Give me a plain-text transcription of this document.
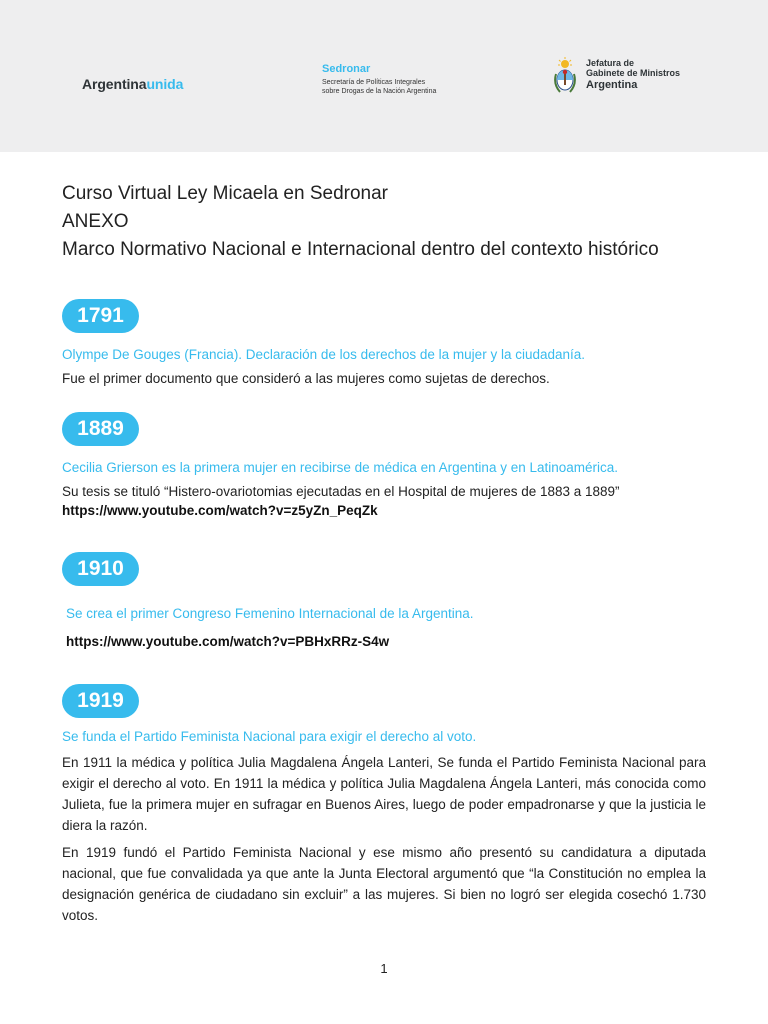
Argentinaunida
Sedronar
Secretaría de Políticas Integrales
sobre Drogas de la Nación Argentina
Jefatura de
Gabinete de Ministros
Argentina
Curso Virtual Ley Micaela en Sedronar
ANEXO
Marco Normativo Nacional e Internacional dentro del contexto histórico
1791
Olympe De Gouges (Francia). Declaración de los derechos de la mujer y la ciudadanía.
Fue el primer documento que consideró a las mujeres como sujetas de derechos.
1889
Cecilia Grierson es la primera mujer en recibirse de médica en Argentina y en Latinoamérica.
Su tesis se tituló “Histero-ovariotomias ejecutadas en el Hospital de mujeres de 1883 a 1889”
https://www.youtube.com/watch?v=z5yZn_PeqZk
1910
Se crea el primer Congreso Femenino Internacional de la Argentina.
https://www.youtube.com/watch?v=PBHxRRz-S4w
1919
Se funda el Partido Feminista Nacional para exigir el derecho al voto.

En 1911 la médica y política Julia Magdalena Ángela Lanteri, Se funda el Partido Feminista Nacional para exigir el derecho al voto. En 1911 la médica y política Julia Magdalena Ángela Lanteri, más conocida como Julieta, fue la primera mujer en sufragar en Buenos Aires, luego de poder empadronarse y que la justicia le diera la razón.

En 1919 fundó el Partido Feminista Nacional y ese mismo año presentó su candidatura a diputada nacional, que fue convalidada ya que ante la Junta Electoral argumentó que “la Constitución no emplea la designación genérica de ciudadano sin excluir” a las mujeres. Si bien no logró ser elegida cosechó 1.730 votos.

1
